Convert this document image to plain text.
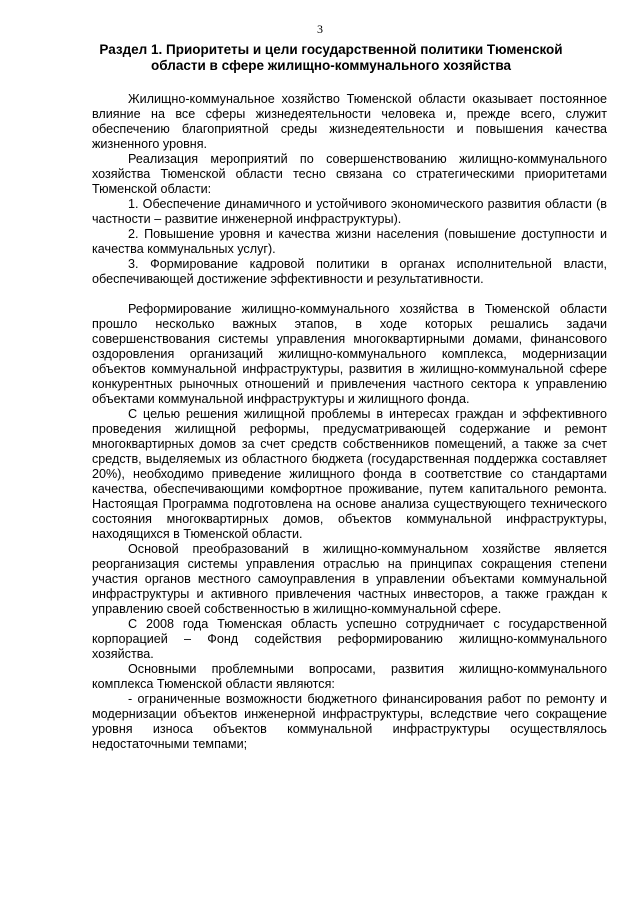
3
Раздел 1. Приоритеты и цели государственной политики Тюменской области в сфере жилищно-коммунального хозяйства

Жилищно-коммунальное хозяйство Тюменской области оказывает постоянное влияние на все сферы жизнедеятельности человека и, прежде всего, служит обеспечению благоприятной среды жизнедеятельности и повышения качества жизненного уровня.

Реализация мероприятий по совершенствованию жилищно-коммунального хозяйства Тюменской области тесно связана со стратегическими приоритетами Тюменской области:

1. Обеспечение динамичного и устойчивого экономического развития области (в частности – развитие инженерной инфраструктуры).

2. Повышение уровня и качества жизни населения (повышение доступности и качества коммунальных услуг).

3. Формирование кадровой политики в органах исполнительной власти, обеспечивающей достижение эффективности и результативности.

Реформирование жилищно-коммунального хозяйства в Тюменской области прошло несколько важных этапов, в ходе которых решались задачи совершенствования системы управления многоквартирными домами, финансового оздоровления организаций жилищно-коммунального комплекса, модернизации объектов коммунальной инфраструктуры, развития в жилищно-коммунальной сфере конкурентных рыночных отношений и привлечения частного сектора к управлению объектами коммунальной инфраструктуры и жилищного фонда.

С целью решения жилищной проблемы в интересах граждан и эффективного проведения жилищной реформы, предусматривающей содержание и ремонт многоквартирных домов за счет средств собственников помещений, а также за счет средств, выделяемых из областного бюджета (государственная поддержка составляет 20%), необходимо приведение жилищного фонда в соответствие со стандартами качества, обеспечивающими комфортное проживание, путем капитального ремонта. Настоящая Программа подготовлена на основе анализа существующего технического состояния многоквартирных домов, объектов коммунальной инфраструктуры, находящихся в Тюменской области.

Основой преобразований в жилищно-коммунальном хозяйстве является реорганизация системы управления отраслью на принципах сокращения степени участия органов местного самоуправления в управлении объектами коммунальной инфраструктуры и активного привлечения частных инвесторов, а также граждан к управлению своей собственностью в жилищно-коммунальной сфере.

С 2008 года Тюменская область успешно сотрудничает с государственной корпорацией – Фонд содействия реформированию жилищно-коммунального хозяйства.

Основными проблемными вопросами, развития жилищно-коммунального комплекса Тюменской области являются:

- ограниченные возможности бюджетного финансирования работ по ремонту и модернизации объектов инженерной инфраструктуры, вследствие чего сокращение уровня износа объектов коммунальной инфраструктуры осуществлялось недостаточными темпами;
